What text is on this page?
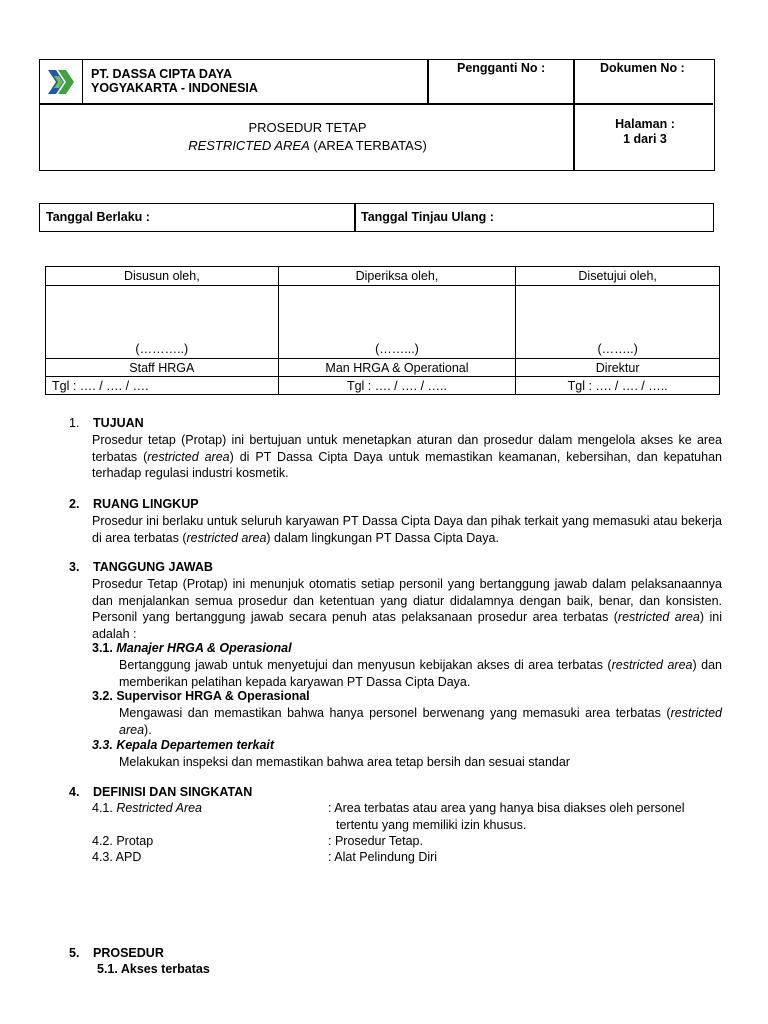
PT. DASSA CIPTA DAYA
YOGYAKARTA - INDONESIA
Pengganti No :	Dokumen No :
PROSEDUR TETAP
RESTRICTED AREA (AREA TERBATAS)
Halaman :
1 dari 3
Tanggal Berlaku :	Tanggal Tinjau Ulang :
Disusun oleh,	Diperiksa oleh,	Disetujui oleh,
(………..)	(……...)	(……..)
Staff HRGA	Man HRGA & Operational	Direktur
Tgl : …. / …. / ….	Tgl : …. / …. / …..	Tgl : …. / …. / …..
1. TUJUAN
Prosedur tetap (Protap) ini bertujuan untuk menetapkan aturan dan prosedur dalam mengelola akses ke area terbatas (restricted area) di PT Dassa Cipta Daya untuk memastikan keamanan, kebersihan, dan kepatuhan terhadap regulasi industri kosmetik.
2. RUANG LINGKUP
Prosedur ini berlaku untuk seluruh karyawan PT Dassa Cipta Daya dan pihak terkait yang memasuki atau bekerja di area terbatas (restricted area) dalam lingkungan PT Dassa Cipta Daya.
3. TANGGUNG JAWAB
Prosedur Tetap (Protap) ini menunjuk otomatis setiap personil yang bertanggung jawab dalam pelaksanaannya dan menjalankan semua prosedur dan ketentuan yang diatur didalamnya dengan baik, benar, dan konsisten. Personil yang bertanggung jawab secara penuh atas pelaksanaan prosedur area terbatas (restricted area) ini adalah :
3.1. Manajer HRGA & Operasional
Bertanggung jawab untuk menyetujui dan menyusun kebijakan akses di area terbatas (restricted area) dan memberikan pelatihan kepada karyawan PT Dassa Cipta Daya.
3.2. Supervisor HRGA & Operasional
Mengawasi dan memastikan bahwa hanya personel berwenang yang memasuki area terbatas (restricted area).
3.3. Kepala Departemen terkait
Melakukan inspeksi dan memastikan bahwa area tetap bersih dan sesuai standar
4. DEFINISI DAN SINGKATAN
4.1. Restricted Area	: Area terbatas atau area yang hanya bisa diakses oleh personel
tertentu yang memiliki izin khusus.
4.2. Protap	: Prosedur Tetap.
4.3. APD	: Alat Pelindung Diri
5. PROSEDUR
5.1. Akses terbatas
